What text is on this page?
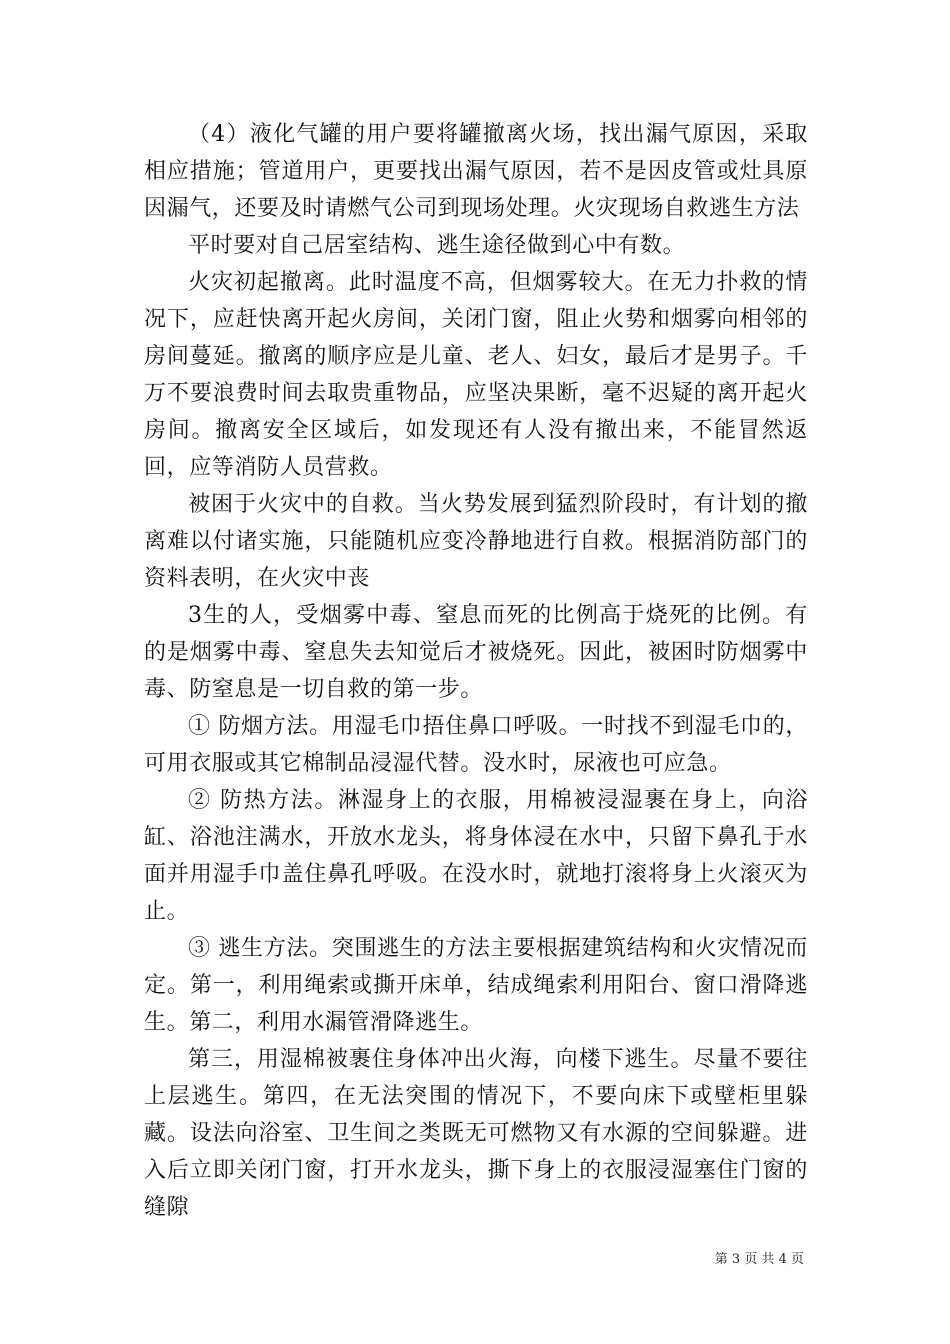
（4）液化气罐的用户要将罐撤离火场，找出漏气原因，采取相应措施；管道用户，更要找出漏气原因，若不是因皮管或灶具原因漏气，还要及时请燃气公司到现场处理。火灾现场自救逃生方法

平时要对自己居室结构、逃生途径做到心中有数。

火灾初起撤离。此时温度不高，但烟雾较大。在无力扑救的情况下，应赶快离开起火房间，关闭门窗，阻止火势和烟雾向相邻的房间蔓延。撤离的顺序应是儿童、老人、妇女，最后才是男子。千万不要浪费时间去取贵重物品，应坚决果断，毫不迟疑的离开起火房间。撤离安全区域后，如发现还有人没有撤出来，不能冒然返回，应等消防人员营救。

被困于火灾中的自救。当火势发展到猛烈阶段时，有计划的撤离难以付诸实施，只能随机应变冷静地进行自救。根据消防部门的资料表明，在火灾中丧

3生的人，受烟雾中毒、窒息而死的比例高于烧死的比例。有的是烟雾中毒、窒息失去知觉后才被烧死。因此，被困时防烟雾中毒、防窒息是一切自救的第一步。

① 防烟方法。用湿毛巾捂住鼻口呼吸。一时找不到湿毛巾的，可用衣服或其它棉制品浸湿代替。没水时，尿液也可应急。

② 防热方法。淋湿身上的衣服，用棉被浸湿裹在身上，向浴缸、浴池注满水，开放水龙头，将身体浸在水中，只留下鼻孔于水面并用湿手巾盖住鼻孔呼吸。在没水时，就地打滚将身上火滚灭为止。

③ 逃生方法。突围逃生的方法主要根据建筑结构和火灾情况而定。第一，利用绳索或撕开床单，结成绳索利用阳台、窗口滑降逃生。第二，利用水漏管滑降逃生。

第三，用湿棉被裹住身体冲出火海，向楼下逃生。尽量不要往上层逃生。第四，在无法突围的情况下，不要向床下或壁柜里躲藏。设法向浴室、卫生间之类既无可燃物又有水源的空间躲避。进入后立即关闭门窗，打开水龙头，撕下身上的衣服浸湿塞住门窗的缝隙

第 3 页 共 4 页
